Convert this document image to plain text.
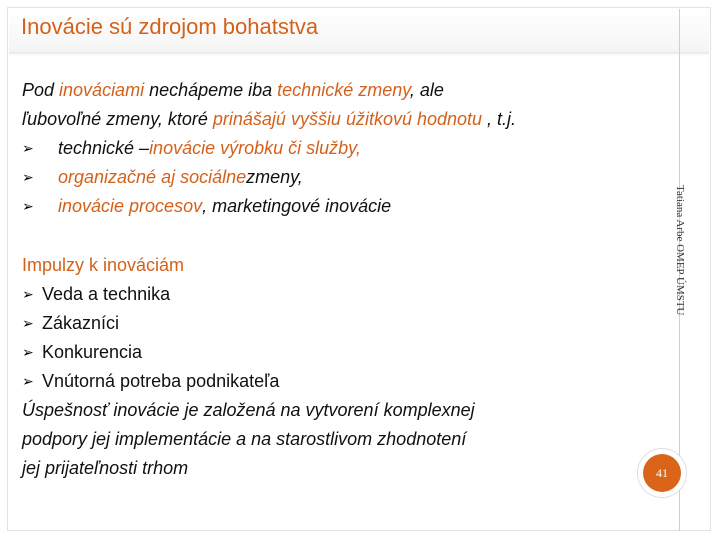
Inovácie sú zdrojom bohatstva
Tatiana Arbe OMEP ÚMSTU
41
Pod inováciami nechápeme iba technické zmeny, ale
ľubovoľné zmeny, ktoré prinášajú vyššiu úžitkovú hodnotu , t.j.
➢	technické – inovácie výrobku či služby,
➢	organizačné aj sociálne zmeny,
➢	inovácie procesov , marketingové inovácie
Impulzy k inováciám
➢ Veda a technika
➢ Zákazníci
➢ Konkurencia
➢ Vnútorná potreba podnikateľa
Úspešnosť inovácie je založená na vytvorení komplexnej
podpory jej implementácie a na starostlivom zhodnotení
jej prijateľnosti trhom
